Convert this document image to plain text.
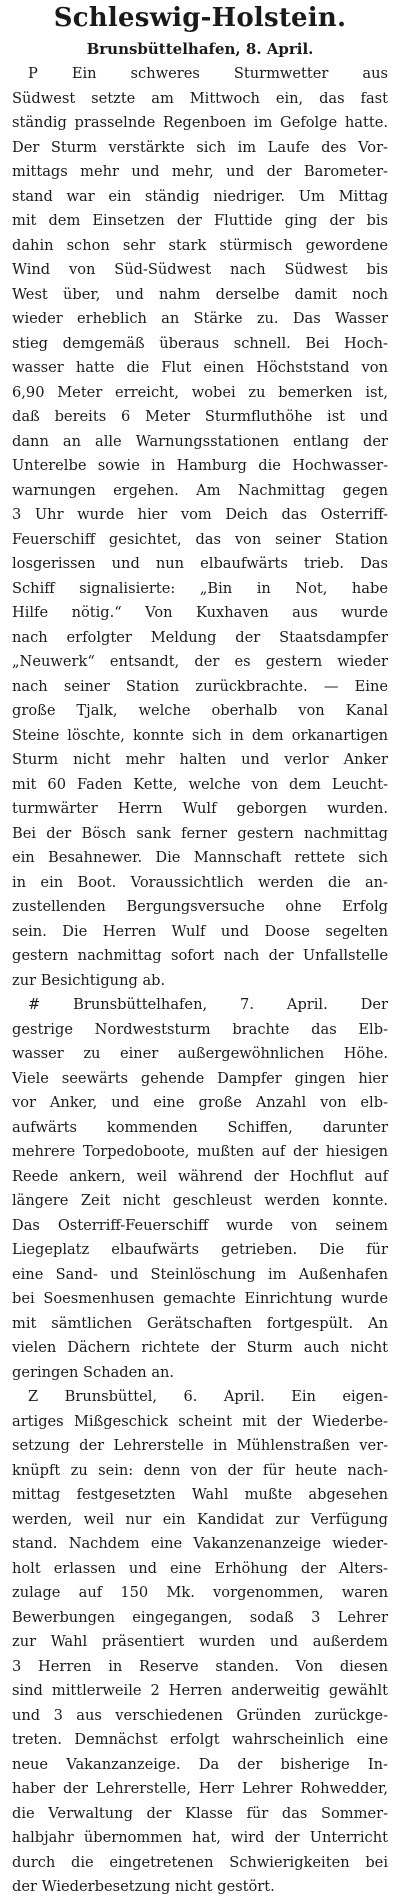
Schleswig-Holstein.
Brunsbüttelhafen, 8. April.
P Ein schweres Sturmwetter aus
Südwest setzte am Mittwoch ein, das fast
ständig prasselnde Regenboen im Gefolge hatte.
Der Sturm verstärkte sich im Laufe des Vor-
mittags mehr und mehr, und der Barometer-
stand war ein ständig niedriger. Um Mittag
mit dem Einsetzen der Fluttide ging der bis
dahin schon sehr stark stürmisch gewordene
Wind von Süd-Südwest nach Südwest bis
West über, und nahm derselbe damit noch
wieder erheblich an Stärke zu. Das Wasser
stieg demgemäß überaus schnell. Bei Hoch-
wasser hatte die Flut einen Höchststand von
6,90 Meter erreicht, wobei zu bemerken ist,
daß bereits 6 Meter Sturmfluthöhe ist und
dann an alle Warnungsstationen entlang der
Unterelbe sowie in Hamburg die Hochwasser-
warnungen ergehen. Am Nachmittag gegen
3 Uhr wurde hier vom Deich das Osterriff-
Feuerschiff gesichtet, das von seiner Station
losgerissen und nun elbaufwärts trieb. Das
Schiff signalisierte: „Bin in Not, habe
Hilfe nötig.“ Von Kuxhaven aus wurde
nach erfolgter Meldung der Staatsdampfer
„Neuwerk“ entsandt, der es gestern wieder
nach seiner Station zurückbrachte. — Eine
große Tjalk, welche oberhalb von Kanal
Steine löschte, konnte sich in dem orkanartigen
Sturm nicht mehr halten und verlor Anker
mit 60 Faden Kette, welche von dem Leucht-
turmwärter Herrn Wulf geborgen wurden.
Bei der Bösch sank ferner gestern nachmittag
ein Besahnewer. Die Mannschaft rettete sich
in ein Boot. Voraussichtlich werden die an-
zustellenden Bergungsversuche ohne Erfolg
sein. Die Herren Wulf und Doose segelten
gestern nachmittag sofort nach der Unfallstelle
zur Besichtigung ab.
# Brunsbüttelhafen, 7. April. Der
gestrige Nordweststurm brachte das Elb-
wasser zu einer außergewöhnlichen Höhe.
Viele seewärts gehende Dampfer gingen hier
vor Anker, und eine große Anzahl von elb-
aufwärts kommenden Schiffen, darunter
mehrere Torpedoboote, mußten auf der hiesigen
Reede ankern, weil während der Hochflut auf
längere Zeit nicht geschleust werden konnte.
Das Osterriff-Feuerschiff wurde von seinem
Liegeplatz elbaufwärts getrieben. Die für
eine Sand- und Steinlöschung im Außenhafen
bei Soesmenhusen gemachte Einrichtung wurde
mit sämtlichen Gerätschaften fortgespült. An
vielen Dächern richtete der Sturm auch nicht
geringen Schaden an.
Z Brunsbüttel, 6. April. Ein eigen-
artiges Mißgeschick scheint mit der Wiederbe-
setzung der Lehrerstelle in Mühlenstraßen ver-
knüpft zu sein: denn von der für heute nach-
mittag festgesetzten Wahl mußte abgesehen
werden, weil nur ein Kandidat zur Verfügung
stand. Nachdem eine Vakanzenanzeige wieder-
holt erlassen und eine Erhöhung der Alters-
zulage auf 150 Mk. vorgenommen, waren
Bewerbungen eingegangen, sodaß 3 Lehrer
zur Wahl präsentiert wurden und außerdem
3 Herren in Reserve standen. Von diesen
sind mittlerweile 2 Herren anderweitig gewählt
und 3 aus verschiedenen Gründen zurückge-
treten. Demnächst erfolgt wahrscheinlich eine
neue Vakanzanzeige. Da der bisherige In-
haber der Lehrerstelle, Herr Lehrer Rohwedder,
die Verwaltung der Klasse für das Sommer-
halbjahr übernommen hat, wird der Unterricht
durch die eingetretenen Schwierigkeiten bei
der Wiederbesetzung nicht gestört.
